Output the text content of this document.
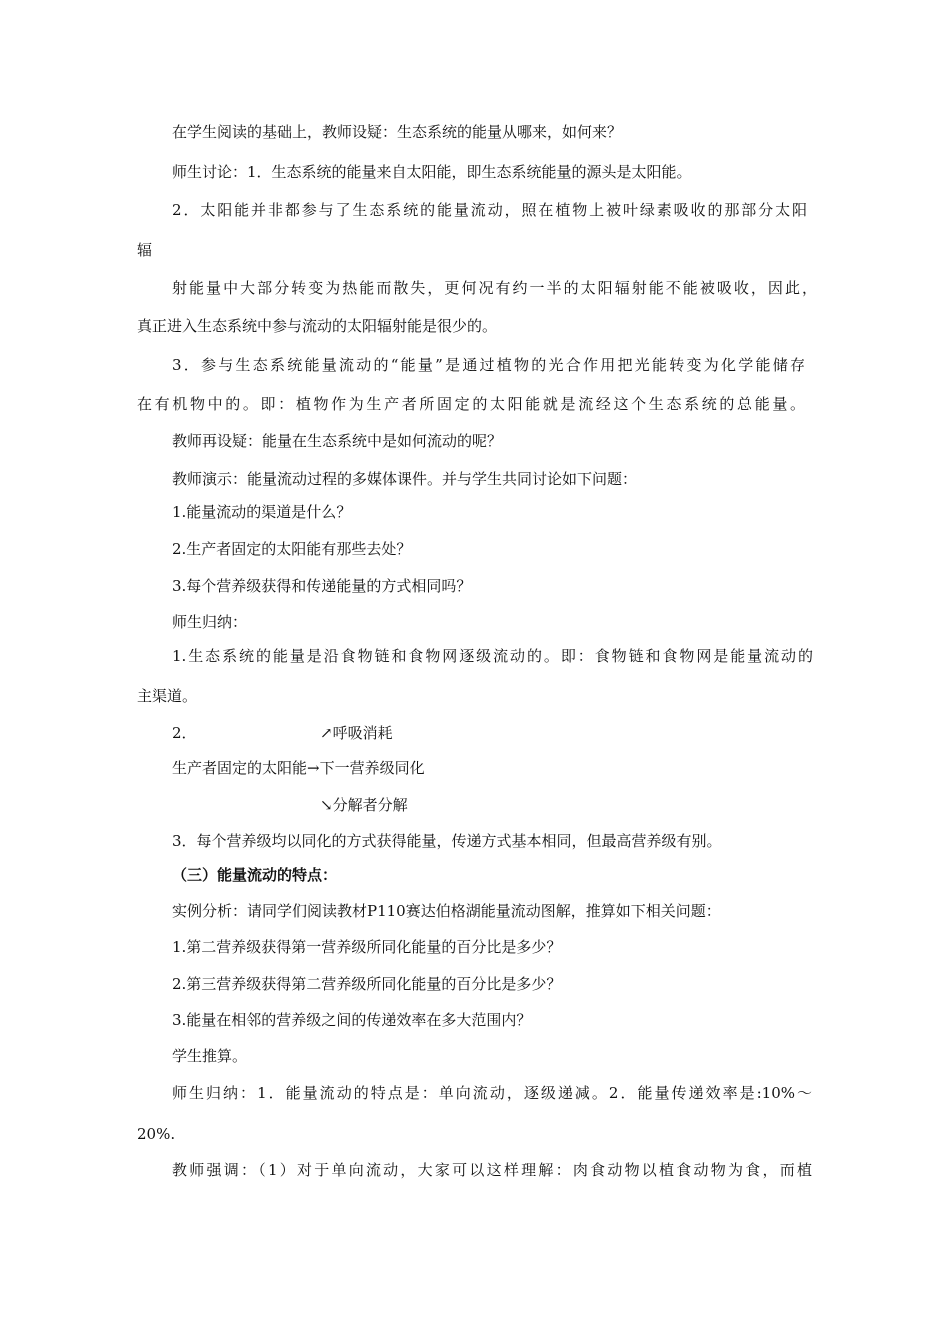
在学生阅读的基础上，教师设疑：生态系统的能量从哪来，如何来？
师生讨论：1．生态系统的能量来自太阳能，即生态系统能量的源头是太阳能。
2．太阳能并非都参与了生态系统的能量流动，照在植物上被叶绿素吸收的那部分太阳
辐
射能量中大部分转变为热能而散失，更何况有约一半的太阳辐射能不能被吸收，因此，
真正进入生态系统中参与流动的太阳辐射能是很少的。
3．参与生态系统能量流动的“能量”是通过植物的光合作用把光能转变为化学能储存
在有机物中的。即：植物作为生产者所固定的太阳能就是流经这个生态系统的总能量。
教师再设疑：能量在生态系统中是如何流动的呢？
教师演示：能量流动过程的多媒体课件。并与学生共同讨论如下问题：
1.能量流动的渠道是什么？
2.生产者固定的太阳能有那些去处？
3.每个营养级获得和传递能量的方式相同吗？
师生归纳：
1.生态系统的能量是沿食物链和食物网逐级流动的。即：食物链和食物网是能量流动的
主渠道。
2．	↗呼吸消耗
生产者固定的太阳能→下一营养级同化
↘分解者分解
3．每个营养级均以同化的方式获得能量，传递方式基本相同，但最高营养级有别。
（三）能量流动的特点：
实例分析：请同学们阅读教材P110赛达伯格湖能量流动图解，推算如下相关问题：
1.第二营养级获得第一营养级所同化能量的百分比是多少？
2.第三营养级获得第二营养级所同化能量的百分比是多少？
3.能量在相邻的营养级之间的传递效率在多大范围内？
学生推算。
师生归纳：1．能量流动的特点是：单向流动，逐级递减。2．能量传递效率是:10%～
20%.
教师强调：（1）对于单向流动，大家可以这样理解：肉食动物以植食动物为食，而植
